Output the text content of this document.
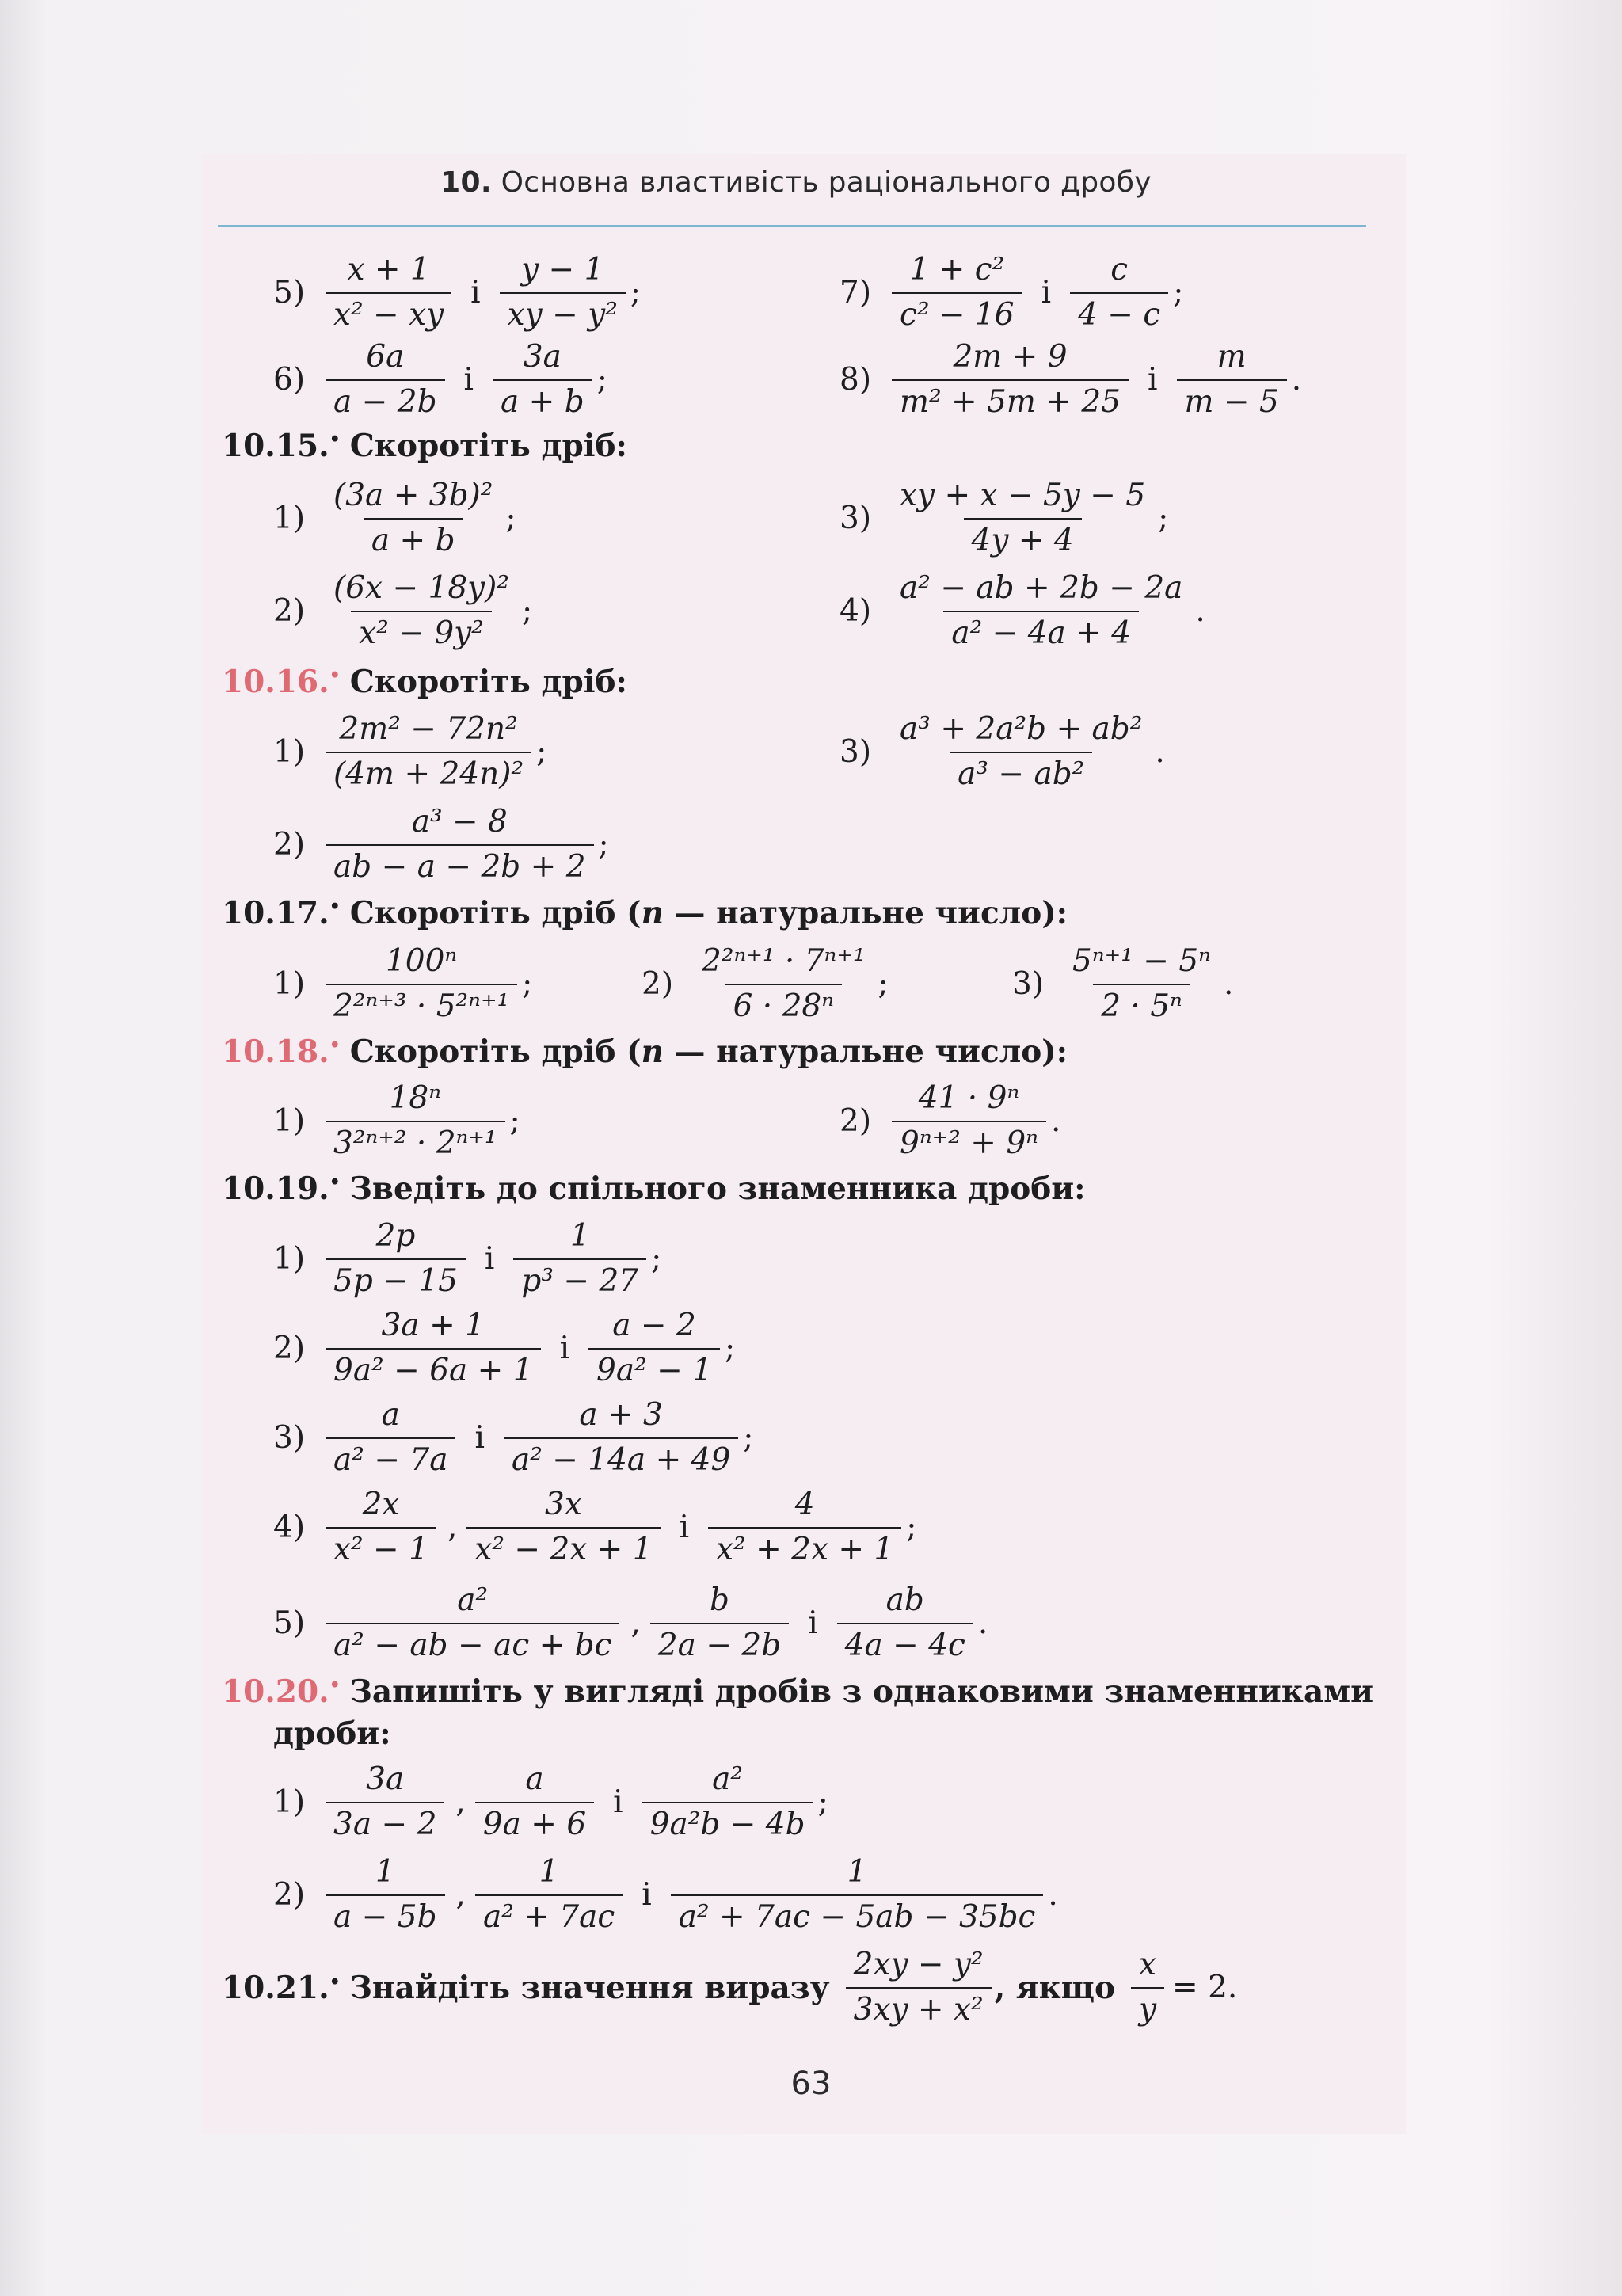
10. Основна властивість раціонального дробу
$5) \frac{x + 1}{\text{x² − xy}}$ і $\frac{y - 1}{\text{xy − y²}}$ ;
$6) \frac{6a}{a - 2b}$ і $\frac{3a}{a + b}$ ;
$7) \frac{\text{1 + c²}}{\text{c² − 16}}$ і $\frac{c}{4 - c}$ ;
$8) \frac{2m + 9}{\text{m² + 5m + 25}}$ і $\frac{m}{m - 5}$ .
10.15.• Скоротіть дріб:
$1) \frac{\text{(3a + 3b)²}}{a + b}$ ;
$2) \frac{\text{(6x − 18y)²}}{\text{x² − 9y²}}$ ;
$3) \frac{xy + x - 5y - 5}{4y + 4}$ ;
$4) \frac{\text{a² − ab + 2b − 2a}}{\text{a² − 4a + 4}}$ .
10.16.• Скоротіть дріб:
$1) \frac{\text{2m² − 72n²}}{\text{(4m + 24n)²}}$ ;
$2) \frac{\text{a³ − 8}}{ab - a - 2b + 2}$ ;
$3) \frac{\text{a³ + 2a²b + ab²}}{\text{a³ − ab²}}$ .
10.17.• Скоротіть дріб (n — натуральне число):
$1) \frac{\text{100ⁿ}}{\text{2²ⁿ⁺³ · 5²ⁿ⁺¹}}$ ;	$2) \frac{\text{2²ⁿ⁺¹ · 7ⁿ⁺¹}}{\text{6 · 28ⁿ}}$ ;	$3) \frac{\text{5ⁿ⁺¹ − 5ⁿ}}{\text{2 · 5ⁿ}}$ .
10.18.• Скоротіть дріб (n — натуральне число):
$1) \frac{\text{18ⁿ}}{\text{3²ⁿ⁺² · 2ⁿ⁺¹}}$ ;	$2) \frac{\text{41 · 9ⁿ}}{\text{9ⁿ⁺² + 9ⁿ}}$ .
10.19.• Зведіть до спільного знаменника дроби:
$1) \frac{2p}{5p - 15}$ і $\frac{1}{\text{p³ − 27}}$ ;
$2) \frac{3a + 1}{\text{9a² − 6a + 1}}$ і $\frac{a - 2}{\text{9a² − 1}}$ ;
$3) \frac{a}{\text{a² − 7a}}$ і $\frac{a + 3}{\text{a² − 14a + 49}}$ ;
$4) \frac{2x}{\text{x² − 1}}$ , $\frac{3x}{\text{x² − 2x + 1}}$ і $\frac{4}{\text{x² + 2x + 1}}$ ;
$5) \frac{\text{a²}}{\text{a² − ab − ac + bc}}$ , $\frac{b}{2a - 2b}$ і $\frac{ab}{4a - 4c}$ .
10.20.• Запишіть у вигляді дробів з однаковими знаменниками
дроби:
$1) \frac{3a}{3a - 2}$ , $\frac{a}{9a + 6}$ і $\frac{\text{a²}}{\text{9a²b − 4b}}$ ;
$2) \frac{1}{a - 5b}$ , $\frac{1}{\text{a² + 7ac}}$ і $\frac{1}{\text{a² + 7ac − 5ab − 35bc}}$ .
10.21. • Знайдіть значення виразу $\frac{\text{2xy − y²}}{\text{3xy + x²}}$ , якщо $\frac{x}{y} = 2$.
63
